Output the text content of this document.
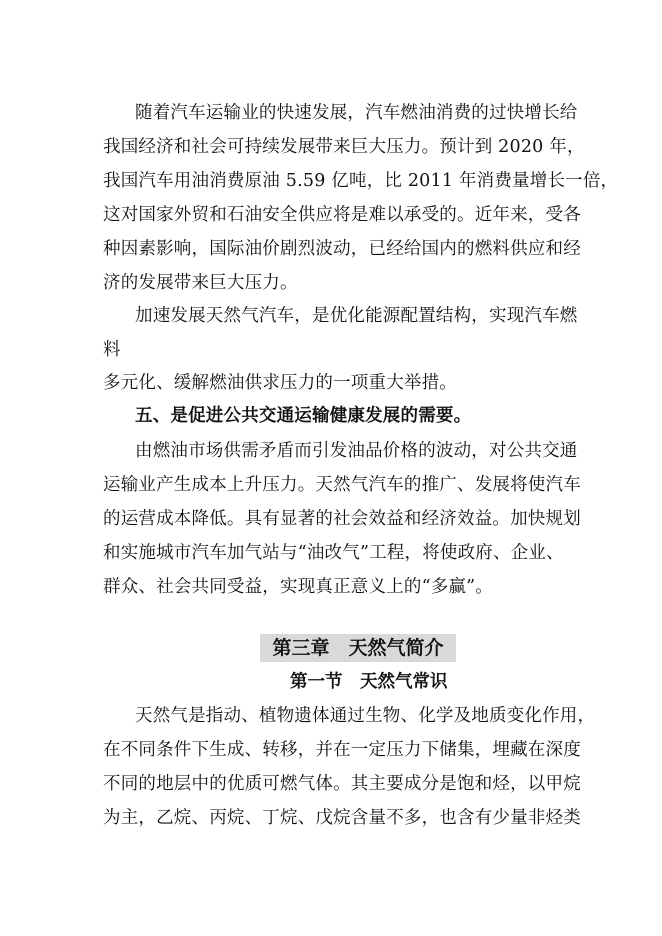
随着汽车运输业的快速发展，汽车燃油消费的过快增长给
我国经济和社会可持续发展带来巨大压力。预计到 2020 年，
我国汽车用油消费原油 5.59 亿吨，比 2011 年消费量增长一倍，
这对国家外贸和石油安全供应将是难以承受的。近年来，受各
种因素影响，国际油价剧烈波动，已经给国内的燃料供应和经
济的发展带来巨大压力。
加速发展天然气汽车，是优化能源配置结构，实现汽车燃
料
多元化、缓解燃油供求压力的一项重大举措。
五、是促进公共交通运输健康发展的需要。
由燃油市场供需矛盾而引发油品价格的波动，对公共交通
运输业产生成本上升压力。天然气汽车的推广、发展将使汽车
的运营成本降低。具有显著的社会效益和经济效益。加快规划
和实施城市汽车加气站与“油改气”工程，将使政府、企业、
群众、社会共同受益，实现真正意义上的“多赢”。
第三章　天然气简介
第一节　天然气常识
天然气是指动、植物遗体通过生物、化学及地质变化作用，
在不同条件下生成、转移，并在一定压力下储集，埋藏在深度
不同的地层中的优质可燃气体。其主要成分是饱和烃，以甲烷
为主，乙烷、丙烷、丁烷、戊烷含量不多，也含有少量非烃类
